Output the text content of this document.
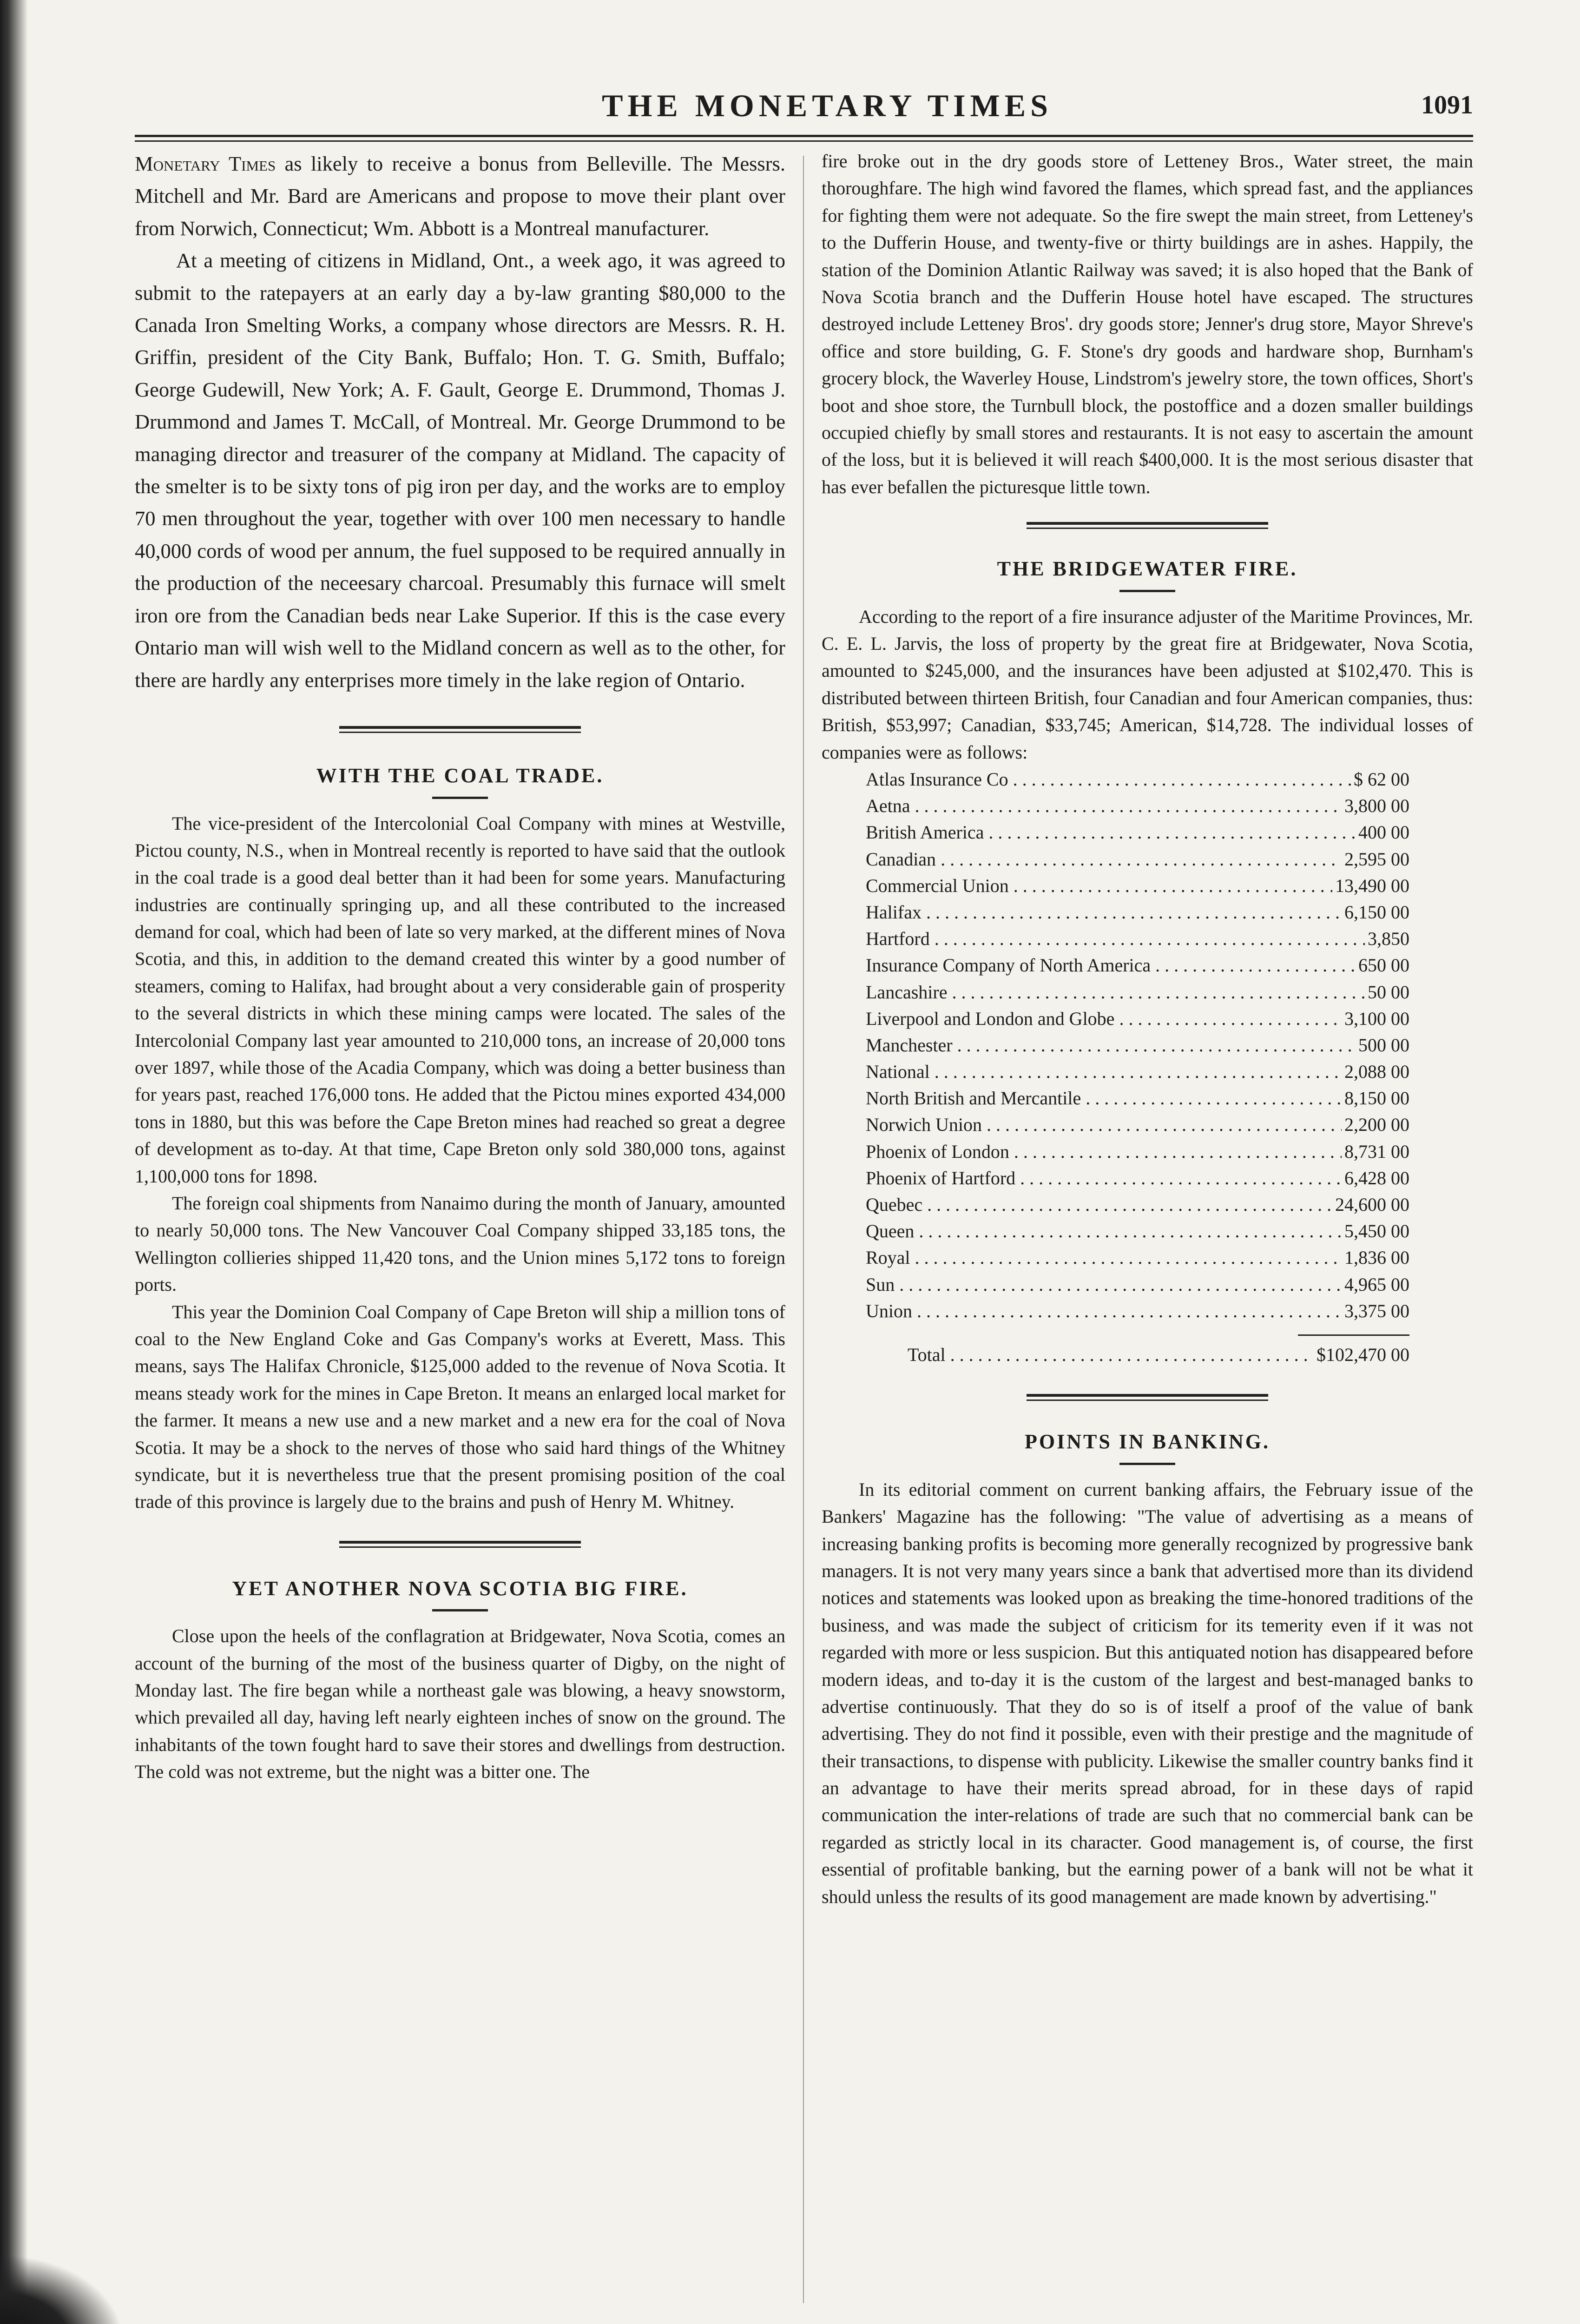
THE MONETARY TIMES	1091

Monetary Times as likely to receive a bonus from Belleville. The Messrs. Mitchell and Mr. Bard are Americans and propose to move their plant over from Norwich, Connecticut; Wm. Abbott is a Montreal manufacturer.

At a meeting of citizens in Midland, Ont., a week ago, it was agreed to submit to the ratepayers at an early day a by-law granting $80,000 to the Canada Iron Smelting Works, a company whose directors are Messrs. R. H. Griffin, president of the City Bank, Buffalo; Hon. T. G. Smith, Buffalo; George Gudewill, New York; A. F. Gault, George E. Drummond, Thomas J. Drummond and James T. McCall, of Montreal. Mr. George Drummond to be managing director and treasurer of the company at Midland. The capacity of the smelter is to be sixty tons of pig iron per day, and the works are to employ 70 men throughout the year, together with over 100 men necessary to handle 40,000 cords of wood per annum, the fuel supposed to be required annually in the production of the neceesary charcoal. Presumably this furnace will smelt iron ore from the Canadian beds near Lake Superior. If this is the case every Ontario man will wish well to the Midland concern as well as to the other, for there are hardly any enterprises more timely in the lake region of Ontario.

WITH THE COAL TRADE.

The vice-president of the Intercolonial Coal Company with mines at Westville, Pictou county, N.S., when in Montreal recently is reported to have said that the outlook in the coal trade is a good deal better than it had been for some years. Manufacturing industries are continually springing up, and all these contributed to the increased demand for coal, which had been of late so very marked, at the different mines of Nova Scotia, and this, in addition to the demand created this winter by a good number of steamers, coming to Halifax, had brought about a very considerable gain of prosperity to the several districts in which these mining camps were located. The sales of the Intercolonial Company last year amounted to 210,000 tons, an increase of 20,000 tons over 1897, while those of the Acadia Company, which was doing a better business than for years past, reached 176,000 tons. He added that the Pictou mines exported 434,000 tons in 1880, but this was before the Cape Breton mines had reached so great a degree of development as to-day. At that time, Cape Breton only sold 380,000 tons, against 1,100,000 tons for 1898.

The foreign coal shipments from Nanaimo during the month of January, amounted to nearly 50,000 tons. The New Vancouver Coal Company shipped 33,185 tons, the Wellington collieries shipped 11,420 tons, and the Union mines 5,172 tons to foreign ports.

This year the Dominion Coal Company of Cape Breton will ship a million tons of coal to the New England Coke and Gas Company's works at Everett, Mass. This means, says The Halifax Chronicle, $125,000 added to the revenue of Nova Scotia. It means steady work for the mines in Cape Breton. It means an enlarged local market for the farmer. It means a new use and a new market and a new era for the coal of Nova Scotia. It may be a shock to the nerves of those who said hard things of the Whitney syndicate, but it is nevertheless true that the present promising position of the coal trade of this province is largely due to the brains and push of Henry M. Whitney.

YET ANOTHER NOVA SCOTIA BIG FIRE.

Close upon the heels of the conflagration at Bridgewater, Nova Scotia, comes an account of the burning of the most of the business quarter of Digby, on the night of Monday last. The fire began while a northeast gale was blowing, a heavy snowstorm, which prevailed all day, having left nearly eighteen inches of snow on the ground. The inhabitants of the town fought hard to save their stores and dwellings from destruction. The cold was not extreme, but the night was a bitter one. The

fire broke out in the dry goods store of Letteney Bros., Water street, the main thoroughfare. The high wind favored the flames, which spread fast, and the appliances for fighting them were not adequate. So the fire swept the main street, from Letteney's to the Dufferin House, and twenty-five or thirty buildings are in ashes. Happily, the station of the Dominion Atlantic Railway was saved; it is also hoped that the Bank of Nova Scotia branch and the Dufferin House hotel have escaped. The structures destroyed include Letteney Bros'. dry goods store; Jenner's drug store, Mayor Shreve's office and store building, G. F. Stone's dry goods and hardware shop, Burnham's grocery block, the Waverley House, Lindstrom's jewelry store, the town offices, Short's boot and shoe store, the Turnbull block, the postoffice and a dozen smaller buildings occupied chiefly by small stores and restaurants. It is not easy to ascertain the amount of the loss, but it is believed it will reach $400,000. It is the most serious disaster that has ever befallen the picturesque little town.

THE BRIDGEWATER FIRE.

According to the report of a fire insurance adjuster of the Maritime Provinces, Mr. C. E. L. Jarvis, the loss of property by the great fire at Bridgewater, Nova Scotia, amounted to $245,000, and the insurances have been adjusted at $102,470. This is distributed between thirteen British, four Canadian and four American companies, thus: British, $53,997; Canadian, $33,745; American, $14,728. The individual losses of companies were as follows:

Atlas Insurance Co . . .	$ 62 00
Aetna . . .	3,800 00
British America . . .	400 00
Canadian . . .	2,595 00
Commercial Union . . .	13,490 00
Halifax . . .	6,150 00
Hartford . . .	3,850
Insurance Company of North America . . .	650 00
Lancashire . . .	50 00
Liverpool and London and Globe . . .	3,100 00
Manchester . . .	500 00
National . . .	2,088 00
North British and Mercantile . . .	8,150 00
Norwich Union . . .	2,200 00
Phoenix of London . . .	8,731 00
Phoenix of Hartford . . .	6,428 00
Quebec . . .	24,600 00
Queen . . .	5,450 00
Royal . . .	1,836 00
Sun . . .	4,965 00
Union . . .	3,375 00
Total . . .	$102,470 00
POINTS IN BANKING.

In its editorial comment on current banking affairs, the February issue of the Bankers' Magazine has the following: "The value of advertising as a means of increasing banking profits is becoming more generally recognized by progressive bank managers. It is not very many years since a bank that advertised more than its dividend notices and statements was looked upon as breaking the time-honored traditions of the business, and was made the subject of criticism for its temerity even if it was not regarded with more or less suspicion. But this antiquated notion has disappeared before modern ideas, and to-day it is the custom of the largest and best-managed banks to advertise continuously. That they do so is of itself a proof of the value of bank advertising. They do not find it possible, even with their prestige and the magnitude of their transactions, to dispense with publicity. Likewise the smaller country banks find it an advantage to have their merits spread abroad, for in these days of rapid communication the inter-relations of trade are such that no commercial bank can be regarded as strictly local in its character. Good management is, of course, the first essential of profitable banking, but the earning power of a bank will not be what it should unless the results of its good management are made known by advertising."
